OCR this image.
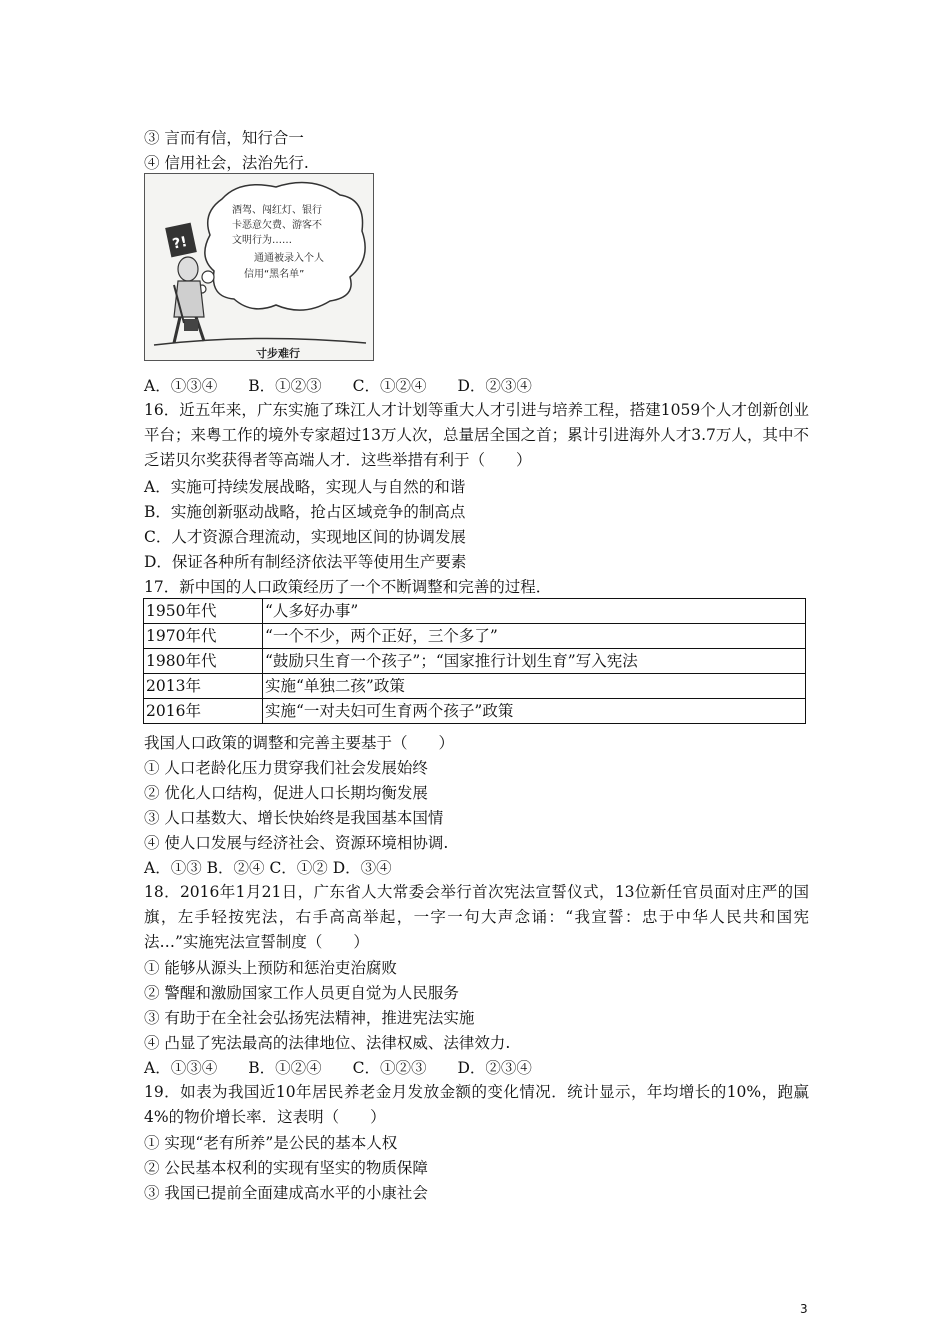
③ 言而有信，知行合一
④ 信用社会，法治先行.
酒驾、闯红灯、银行 卡恶意欠费、游客不 文明行为…… 通通被录入个人 信用“黑名单”
?!
寸步难行
A．①③④　　B．①②③　　C．①②④　　D．②③④
16．近五年来，广东实施了珠江人才计划等重大人才引进与培养工程，搭建1059个人才创新创业平台；来粤工作的境外专家超过13万人次，总量居全国之首；累计引进海外人才3.7万人，其中不乏诺贝尔奖获得者等高端人才．这些举措有利于（　　）
A．实施可持续发展战略，实现人与自然的和谐
B．实施创新驱动战略，抢占区域竞争的制高点
C．人才资源合理流动，实现地区间的协调发展
D．保证各种所有制经济依法平等使用生产要素
17．新中国的人口政策经历了一个不断调整和完善的过程．
1950年代	“人多好办事”
1970年代	“一个不少，两个正好，三个多了”
1980年代	“鼓励只生育一个孩子”；“国家推行计划生育”写入宪法
2013年	实施“单独二孩”政策
2016年	实施“一对夫妇可生育两个孩子”政策
我国人口政策的调整和完善主要基于（　　）
① 人口老龄化压力贯穿我们社会发展始终
② 优化人口结构，促进人口长期均衡发展
③ 人口基数大、增长快始终是我国基本国情
④ 使人口发展与经济社会、资源环境相协调.
A．①③ B．②④ C．①② D．③④
18．2016年1月21日，广东省人大常委会举行首次宪法宣誓仪式，13位新任官员面对庄严的国旗，左手轻按宪法，右手高高举起，一字一句大声念诵：“我宣誓：忠于中华人民共和国宪法…”实施宪法宣誓制度（　　）
① 能够从源头上预防和惩治吏治腐败
② 警醒和激励国家工作人员更自觉为人民服务
③ 有助于在全社会弘扬宪法精神，推进宪法实施
④ 凸显了宪法最高的法律地位、法律权威、法律效力.
A．①③④　　B．①②④　　C．①②③　　D．②③④
19．如表为我国近10年居民养老金月发放金额的变化情况．统计显示，年均增长的10%，跑赢4%的物价增长率．这表明（　　）
① 实现“老有所养”是公民的基本人权
② 公民基本权利的实现有坚实的物质保障
③ 我国已提前全面建成高水平的小康社会
3
